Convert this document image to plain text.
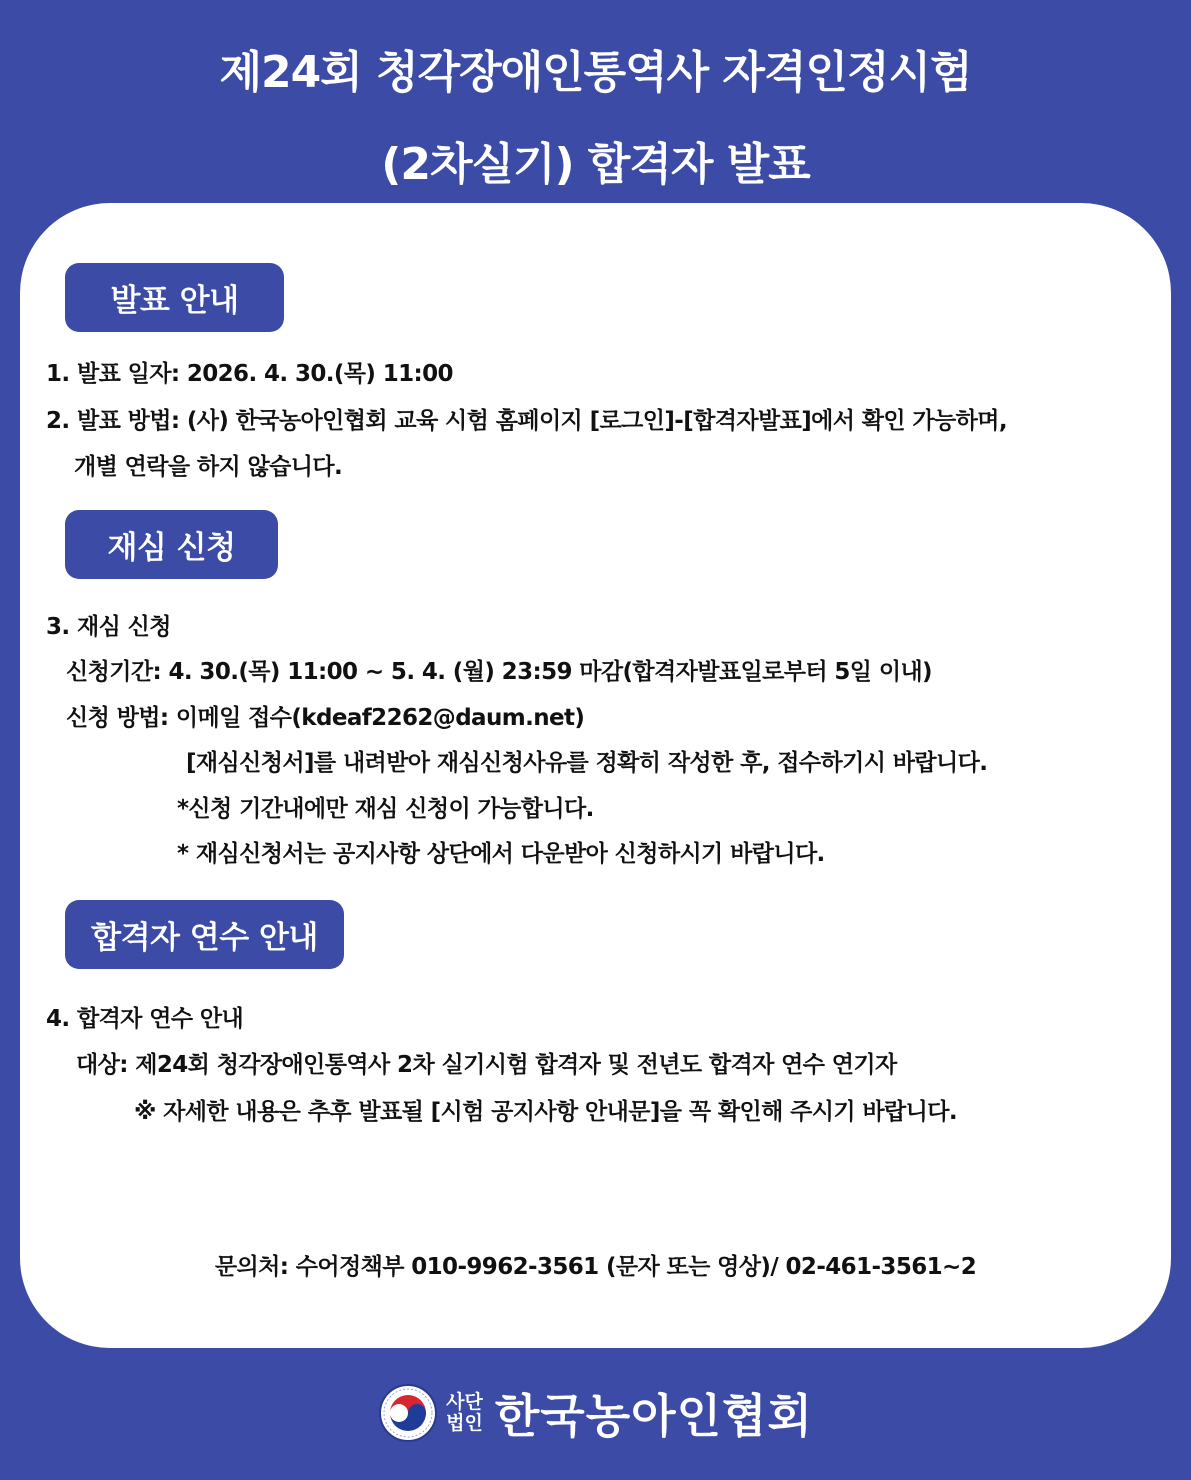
제24회 청각장애인통역사 자격인정시험
(2차실기) 합격자 발표
발표 안내
1. 발표 일자: 2026. 4. 30.(목) 11:00
2. 발표 방법: (사) 한국농아인협회 교육 시험 홈페이지 [로그인]-[합격자발표]에서 확인 가능하며,
개별 연락을 하지 않습니다.
재심 신청
3. 재심 신청
신청기간: 4. 30.(목) 11:00 ~ 5. 4. (월) 23:59 마감(합격자발표일로부터 5일 이내)
신청 방법: 이메일 접수(kdeaf2262@daum.net)
[재심신청서]를 내려받아 재심신청사유를 정확히 작성한 후, 접수하기시 바랍니다.
*신청 기간내에만 재심 신청이 가능합니다.
* 재심신청서는 공지사항 상단에서 다운받아 신청하시기 바랍니다.
합격자 연수 안내
4. 합격자 연수 안내
대상: 제24회 청각장애인통역사 2차 실기시험 합격자 및 전년도 합격자 연수 연기자
※ 자세한 내용은 추후 발표될 [시험 공지사항 안내문]을 꼭 확인해 주시기 바랍니다.
문의처: 수어정책부 010-9962-3561 (문자 또는 영상)/ 02-461-3561~2
사단
법인 한국농아인협회
